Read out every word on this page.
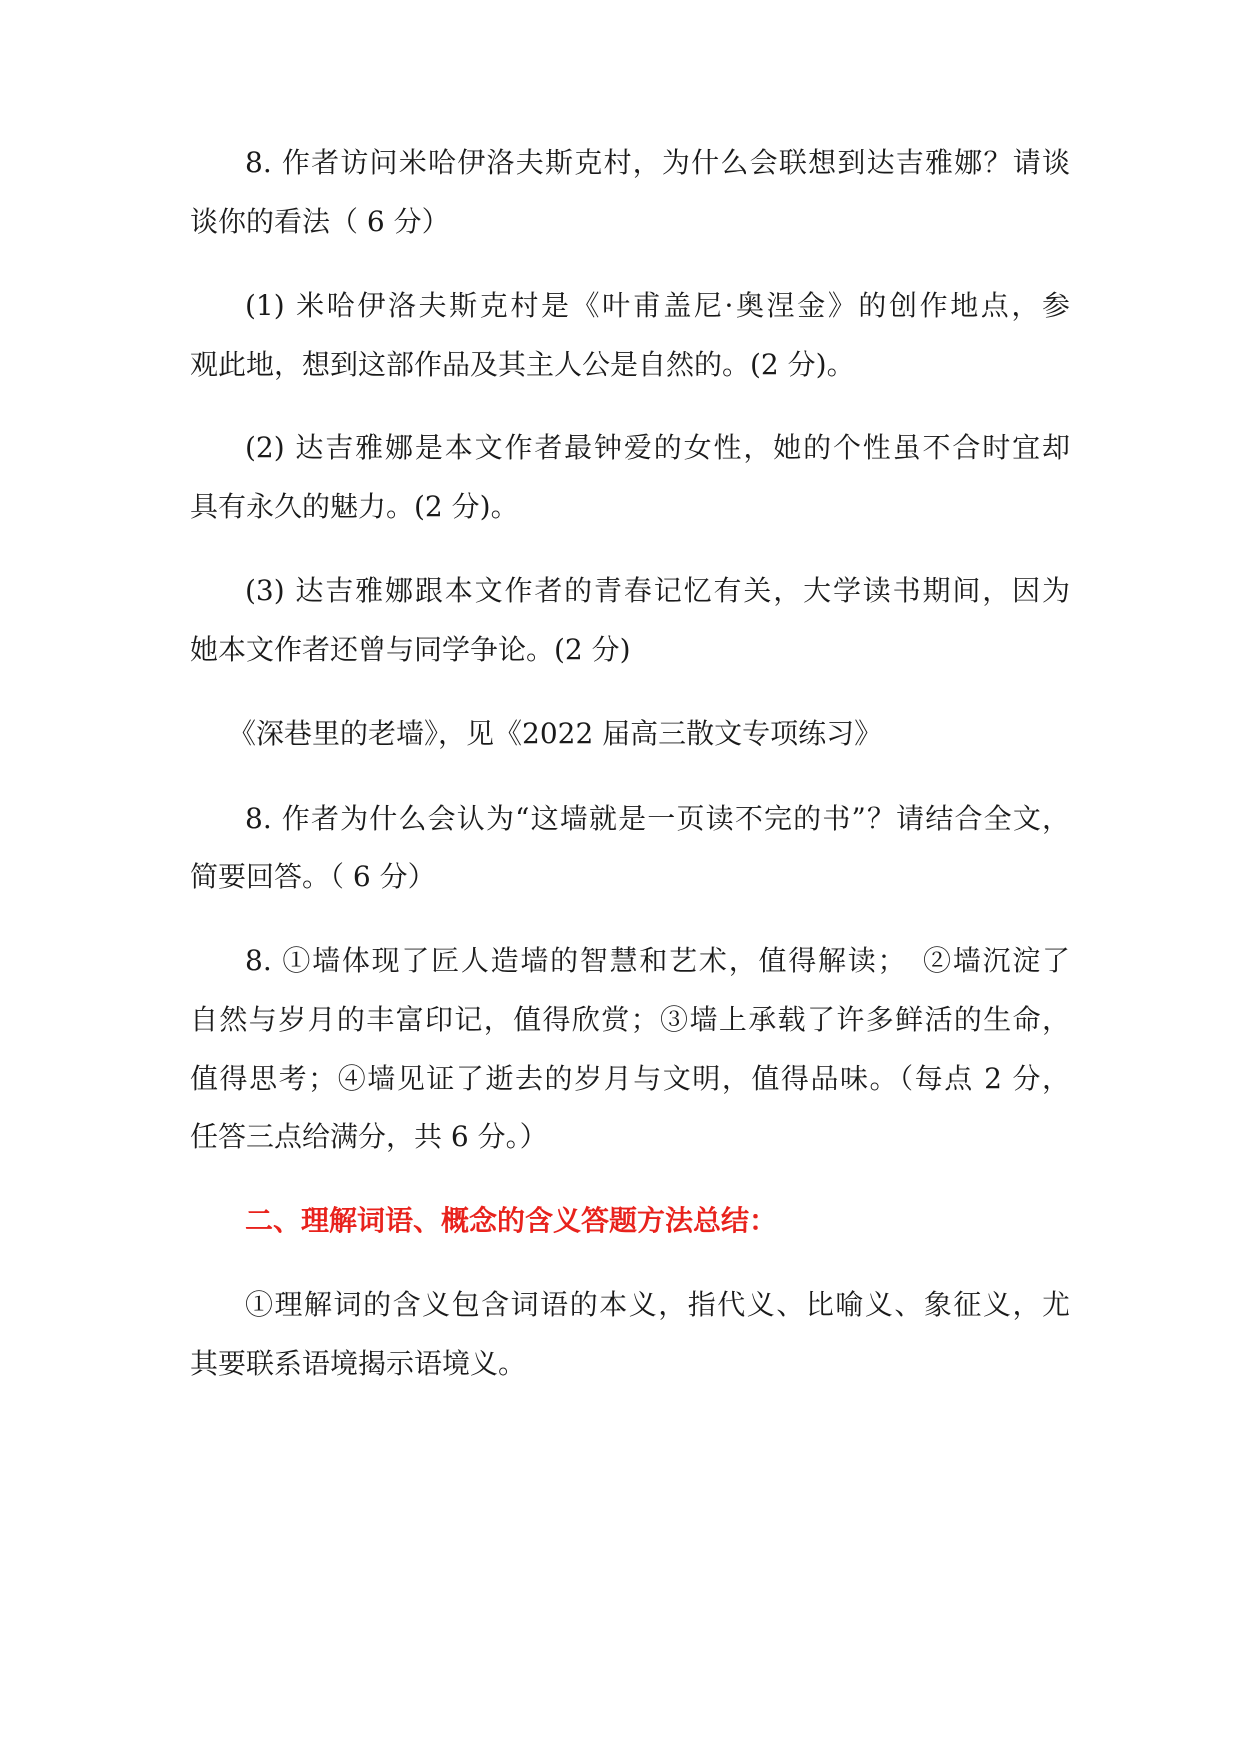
8. 作者访问米哈伊洛夫斯克村，为什么会联想到达吉雅娜？请谈
谈你的看法（ 6 分）
(1) 米哈伊洛夫斯克村是《叶甫盖尼·奥涅金》的创作地点，参
观此地，想到这部作品及其主人公是自然的。(2 分)。
(2) 达吉雅娜是本文作者最钟爱的女性，她的个性虽不合时宜却
具有永久的魅力。(2 分)。
(3) 达吉雅娜跟本文作者的青春记忆有关，大学读书期间，因为
她本文作者还曾与同学争论。(2 分)
《深巷里的老墙》，见《2022 届高三散文专项练习》
8. 作者为什么会认为“这墙就是一页读不完的书”？请结合全文，
简要回答。（ 6 分）
8. ①墙体现了匠人造墙的智慧和艺术，值得解读；　②墙沉淀了
自然与岁月的丰富印记，值得欣赏；③墙上承载了许多鲜活的生命，
值得思考；④墙见证了逝去的岁月与文明，值得品味。（每点 2 分，
任答三点给满分，共 6 分。）
二、理解词语、概念的含义答题方法总结：
①理解词的含义包含词语的本义，指代义、比喻义、象征义，尤
其要联系语境揭示语境义。
